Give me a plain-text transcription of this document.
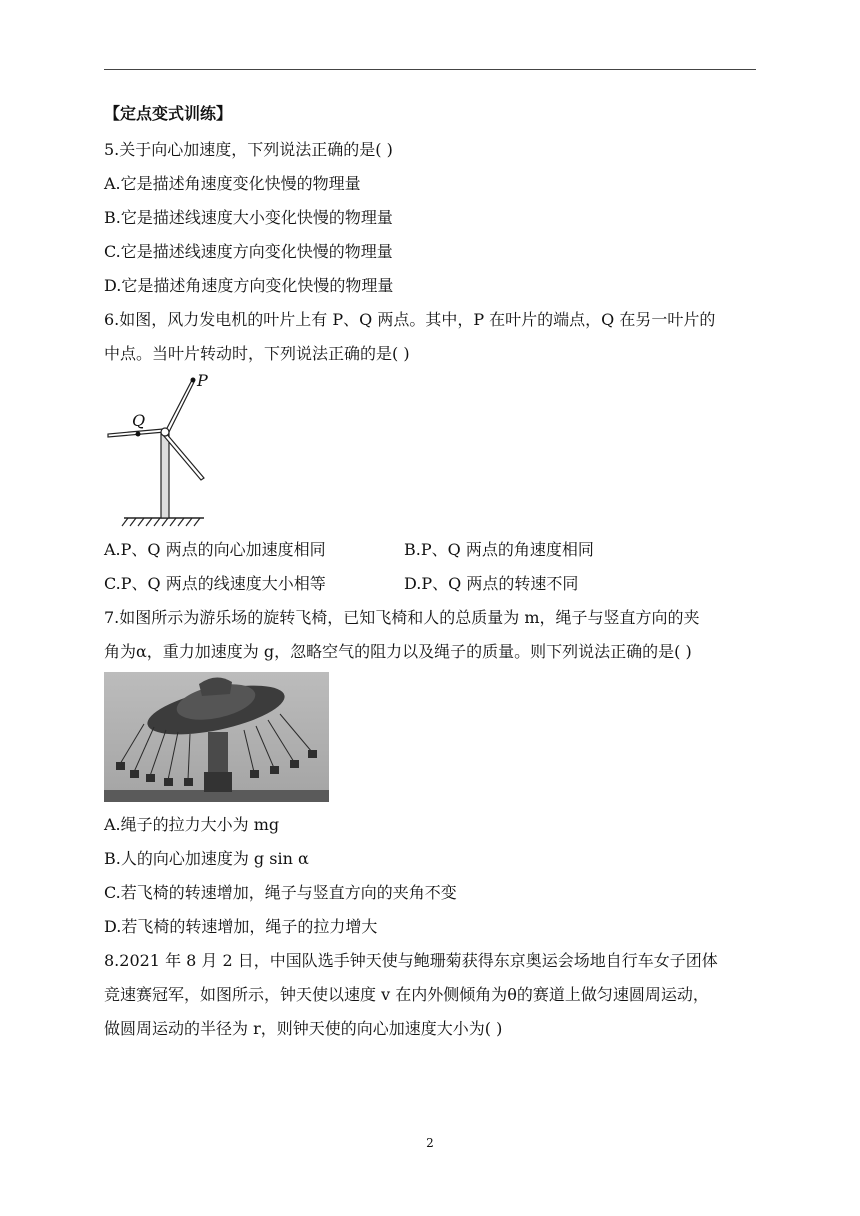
【定点变式训练】
5.关于向心加速度，下列说法正确的是( )
A.它是描述角速度变化快慢的物理量
B.它是描述线速度大小变化快慢的物理量
C.它是描述线速度方向变化快慢的物理量
D.它是描述角速度方向变化快慢的物理量
6.如图，风力发电机的叶片上有 P、Q 两点。其中，P 在叶片的端点，Q 在另一叶片的
中点。当叶片转动时，下列说法正确的是( )
P
Q
A.P、Q 两点的向心加速度相同	B.P、Q 两点的角速度相同
C.P、Q 两点的线速度大小相等	D.P、Q 两点的转速不同
7.如图所示为游乐场的旋转飞椅，已知飞椅和人的总质量为 m，绳子与竖直方向的夹
角为α，重力加速度为 g，忽略空气的阻力以及绳子的质量。则下列说法正确的是( )
A.绳子的拉力大小为 mg
B.人的向心加速度为 g sin α
C.若飞椅的转速增加，绳子与竖直方向的夹角不变
D.若飞椅的转速增加，绳子的拉力增大
8.2021 年 8 月 2 日，中国队选手钟天使与鲍珊菊获得东京奥运会场地自行车女子团体
竞速赛冠军，如图所示，钟天使以速度 v 在内外侧倾角为θ的赛道上做匀速圆周运动，
做圆周运动的半径为 r，则钟天使的向心加速度大小为( )
2
